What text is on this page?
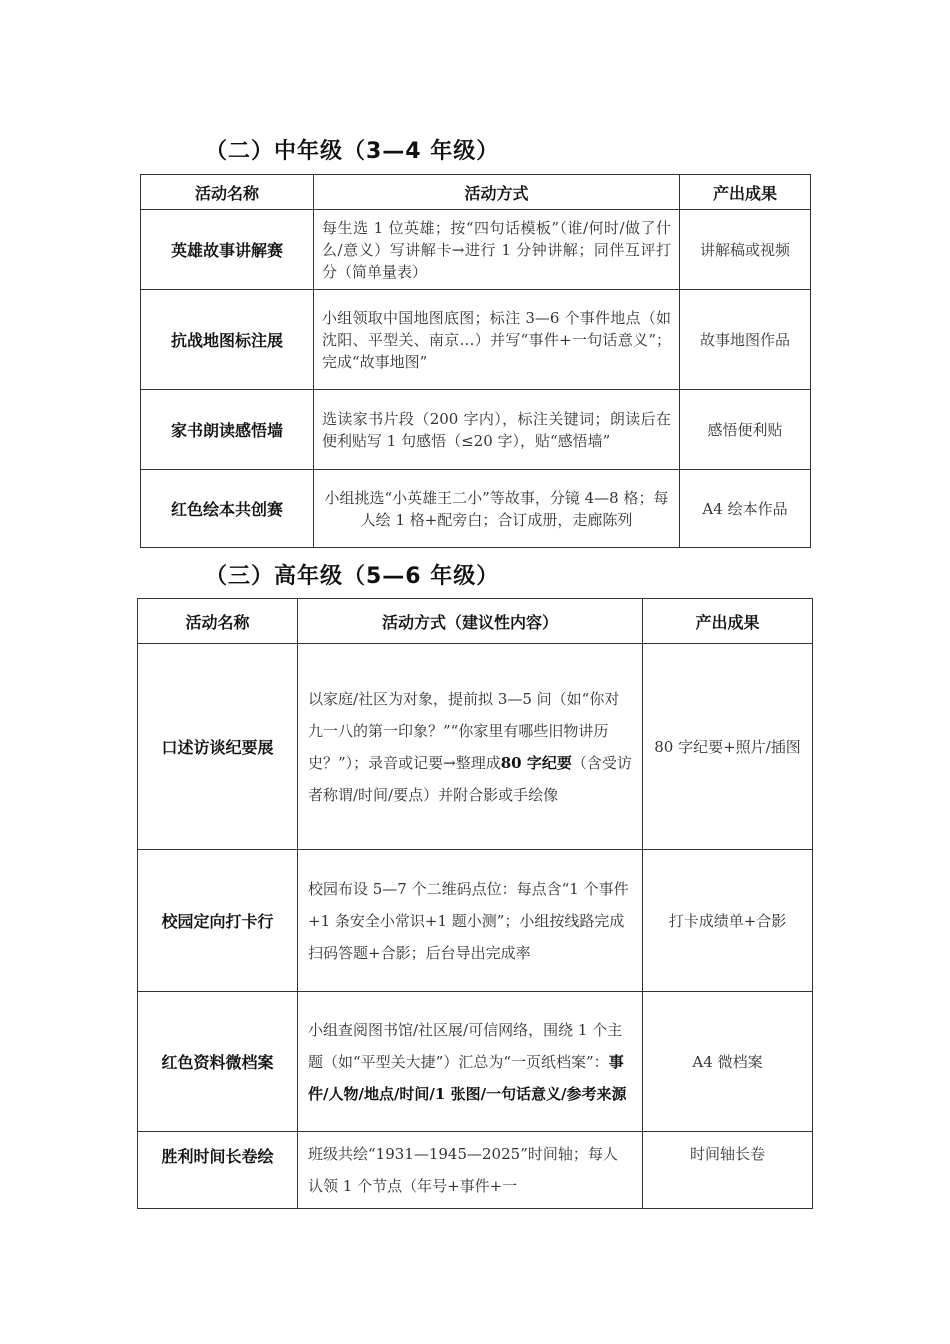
（二）中年级（3—4 年级）
活动名称	活动方式	产出成果
英雄故事讲解赛	每生选 1 位英雄；按“四句话模板”（谁/何时/做了什么/意义）写讲解卡→进行 1 分钟讲解；同伴互评打分（简单量表）	讲解稿或视频
抗战地图标注展	小组领取中国地图底图；标注 3—6 个事件地点（如沈阳、平型关、南京…）并写“事件+一句话意义”；完成“故事地图”	故事地图作品
家书朗读感悟墙	选读家书片段（200 字内），标注关键词；朗读后在便利贴写 1 句感悟（≤20 字），贴“感悟墙”	感悟便利贴
红色绘本共创赛	小组挑选“小英雄王二小”等故事，分镜 4—8 格；每人绘 1 格+配旁白；合订成册，走廊陈列	A4 绘本作品
（三）高年级（5—6 年级）
活动名称	活动方式（建议性内容）	产出成果
口述访谈纪要展	以家庭/社区为对象，提前拟 3—5 问（如“你对九一八的第一印象？”“你家里有哪些旧物讲历史？”）；录音或记要→整理成80 字纪要（含受访者称谓/时间/要点）并附合影或手绘像	80 字纪要+照片/插图
校园定向打卡行	校园布设 5—7 个二维码点位：每点含“1 个事件+1 条安全小常识+1 题小测”；小组按线路完成扫码答题+合影；后台导出完成率	打卡成绩单+合影
红色资料微档案	小组查阅图书馆/社区展/可信网络，围绕 1 个主题（如“平型关大捷”）汇总为“一页纸档案”：事件/人物/地点/时间/1 张图/一句话意义/参考来源	A4 微档案
胜利时间长卷绘	班级共绘“1931—1945—2025”时间轴；每人认领 1 个节点（年号+事件+一	时间轴长卷
